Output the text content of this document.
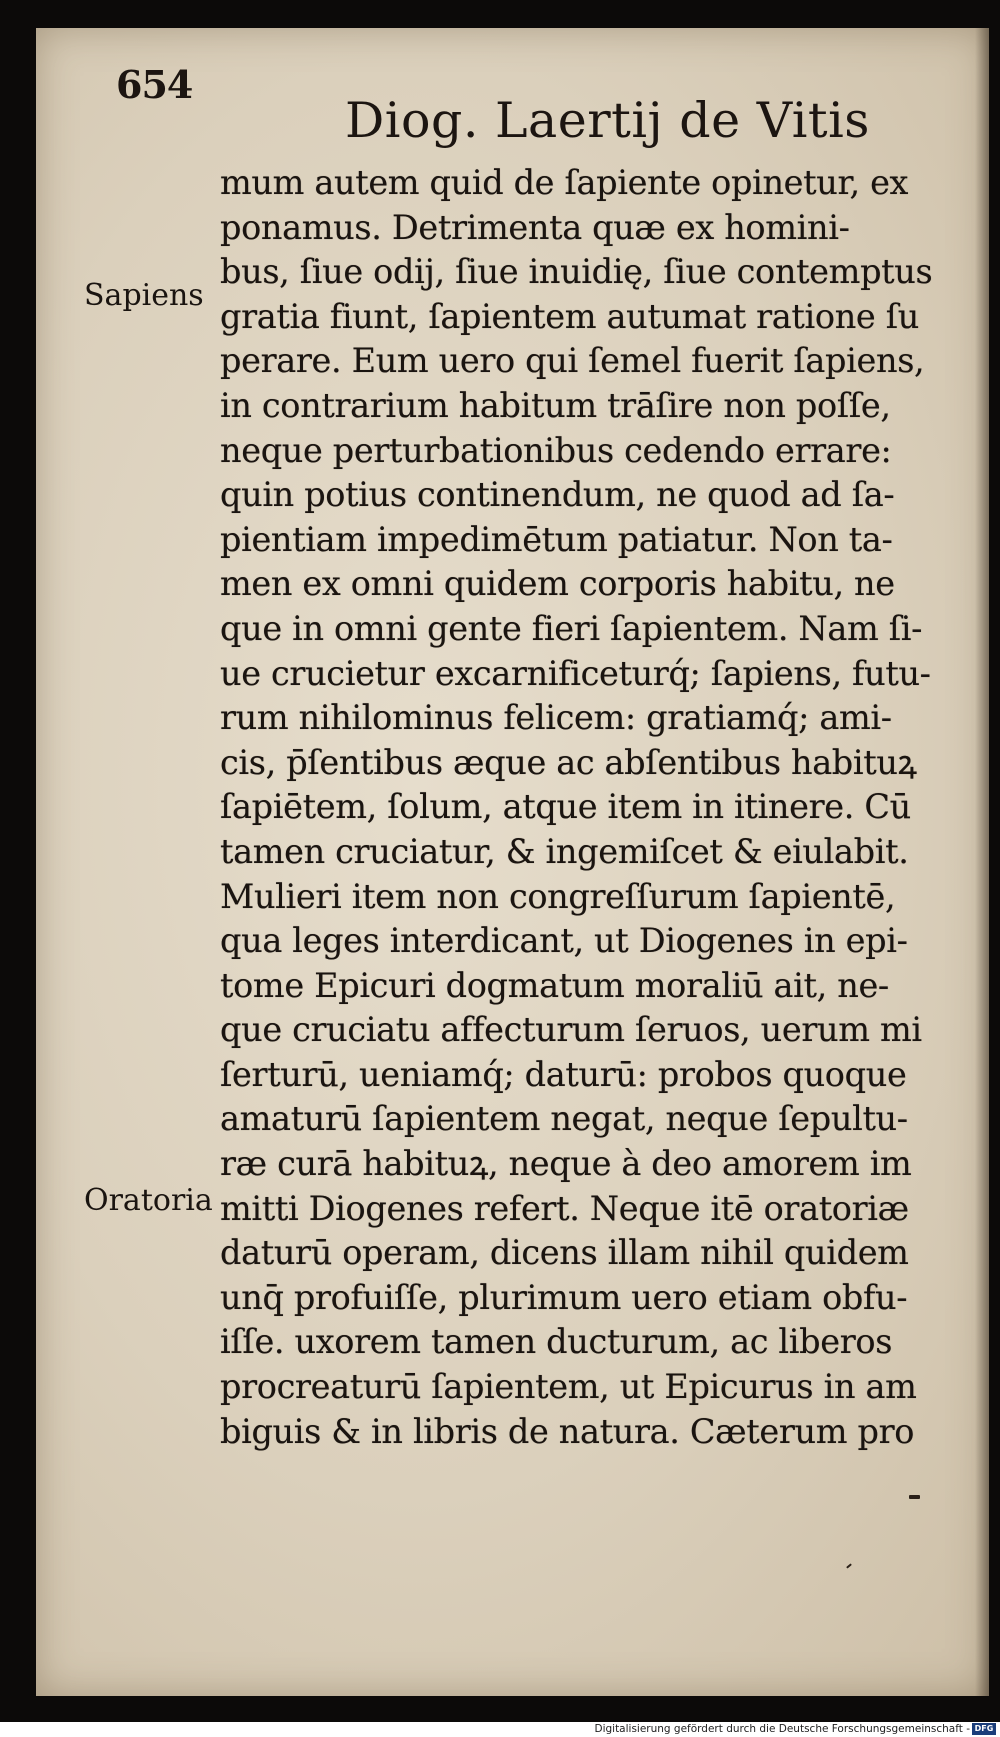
654
Diog. Laertij de Vitis
Sapiens
Oratoria
mum autem quid de ſapiente opinetur, ex
ponamus. Detrimenta quæ ex homini-
bus, ſiue odij, ſiue inuidię, ſiue contemptus
gratia fiunt, ſapientem autumat ratione ſu
perare. Eum uero qui ſemel fuerit ſapiens,
in contrarium habitum trāſire non poſſe,
neque perturbationibus cedendo errare:
quin potius continendum, ne quod ad ſa-
pientiam impedimētum patiatur. Non ta-
men ex omni quidem corporis habitu, ne
que in omni gente fieri ſapientem. Nam ſi-
ue crucietur excarnificeturq́; ſapiens, futu-
rum nihilominus felicem: gratiamq́; ami-
cis, p̄ſentibus æque ac abſentibus habituꝝ
ſapiētem, ſolum, atque item in itinere. Cū
tamen cruciatur, & ingemiſcet & eiulabit.
Mulieri item non congreſſurum ſapientē,
qua leges interdicant, ut Diogenes in epi-
tome Epicuri dogmatum moraliū ait, ne-
que cruciatu affecturum ſeruos, uerum mi
ſerturū, ueniamq́; daturū: probos quoque
amaturū ſapientem negat, neque ſepultu-
ræ curā habituꝝ, neque à deo amorem im
mitti Diogenes refert. Neque itē oratoriæ
daturū operam, dicens illam nihil quidem
unq̄ profuiſſe, plurimum uero etiam obfu-
iſſe. uxorem tamen ducturum, ac liberos
procreaturū ſapientem, ut Epicurus in am
biguis & in libris de natura. Cæterum pro
Digitalisierung gefördert durch die Deutsche Forschungsgemeinschaft - DFG
